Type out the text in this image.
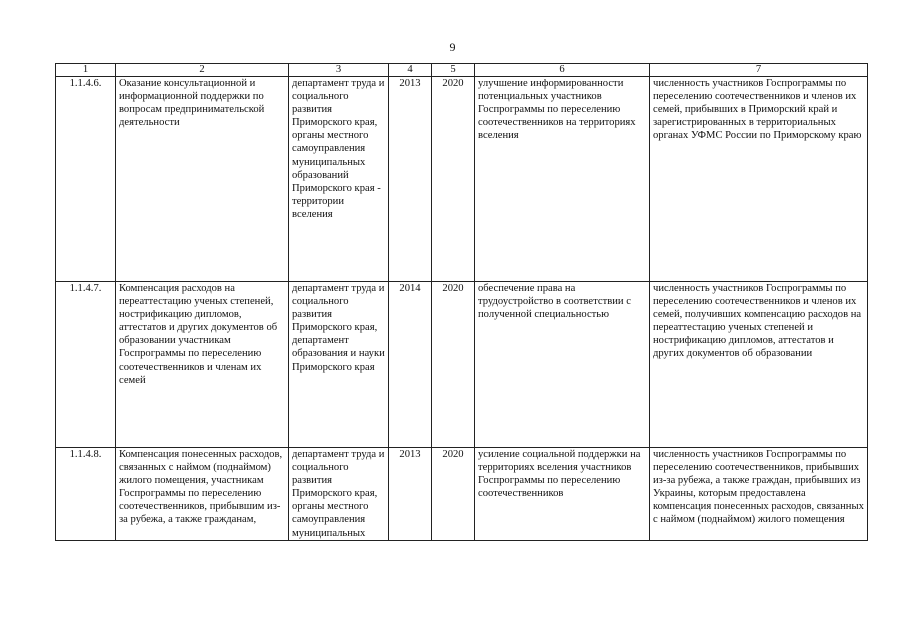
9
1	2	3	4	5	6	7
1.1.4.6.	Оказание консультационной и информационной поддержки по вопросам предпринимательской деятельности	департамент труда и социального развития Приморского края, органы местного самоуправления муниципальных образований Приморского края - территории вселения	2013	2020	улучшение информированности потенциальных участников Госпрограммы по переселению соотечественников на территориях вселения	численность участников Госпрограммы по переселению соотечественников и членов их семей, прибывших в Приморский край и зарегистрированных в территориальных органах УФМС России по Приморскому краю
1.1.4.7.	Компенсация расходов на переаттестацию ученых степеней, нострификацию дипломов, аттестатов и других документов об образовании участникам Госпрограммы по переселению соотечественников и членам их семей	департамент труда и социального развития Приморского края, департамент образования и науки Приморского края	2014	2020	обеспечение права на трудоустройство в соответствии с полученной специальностью	численность участников Госпрограммы по переселению соотечественников и членов их семей, получивших компенсацию расходов на переаттестацию ученых степеней и нострификацию дипломов, аттестатов и других документов об образовании
1.1.4.8.	Компенсация понесенных расходов, связанных с наймом (поднаймом) жилого помещения, участникам Госпрограммы по переселению соотечественников, прибывшим из-за рубежа, а также гражданам,	департамент труда и социального развития Приморского края, органы местного самоуправления муниципальных	2013	2020	усиление социальной поддержки на территориях вселения участников Госпрограммы по переселению соотечественников	численность участников Госпрограммы по переселению соотечественников, прибывших из-за рубежа, а также граждан, прибывших из Украины, которым предоставлена компенсация понесенных расходов, связанных с наймом (поднаймом) жилого помещения
